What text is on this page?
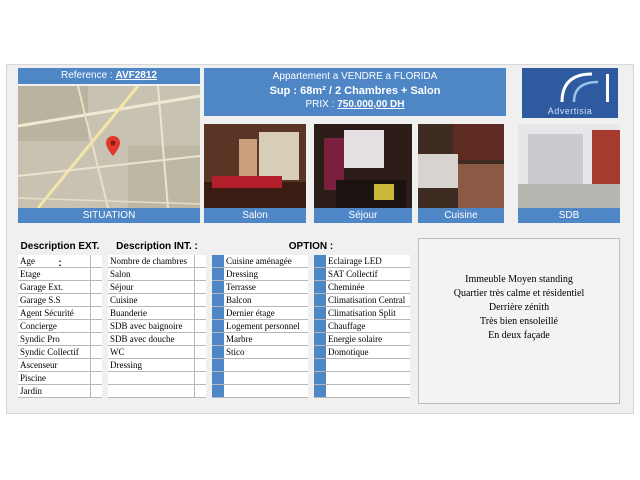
Reference : AVF2812	Appartement a VENDRE a FLORIDA
Sup : 68m² / 2 Chambres + Salon
PRIX : 750.000,00 DH
Advertisia
SITUATION	Salon	Séjour	Cuisine	SDB
Description EXT. :
Age
Etage
Garage Ext.
Garage S.S
Agent Sécurité
Concierge
Syndic Pro
Syndic Collectif
Ascenseur
Piscine
Jardin
Description INT. :
Nombre de chambres
Salon
Séjour
Cuisine
Buanderie
SDB avec baignoire
SDB avec douche
WC
Dressing
OPTION :
Cuisine aménagée
Dressing
Terrasse
Balcon
Dernier étage
Logement personnel
Marbre
Stico
Eclairage LED
SAT Collectif
Cheminée
Climatisation Central
Climatisation Split
Chauffage
Energie solaire
Domotique
Immeuble Moyen standing
Quartier très calme et résidentiel
Derrière zénith
Très bien ensoleillé
En deux façade
